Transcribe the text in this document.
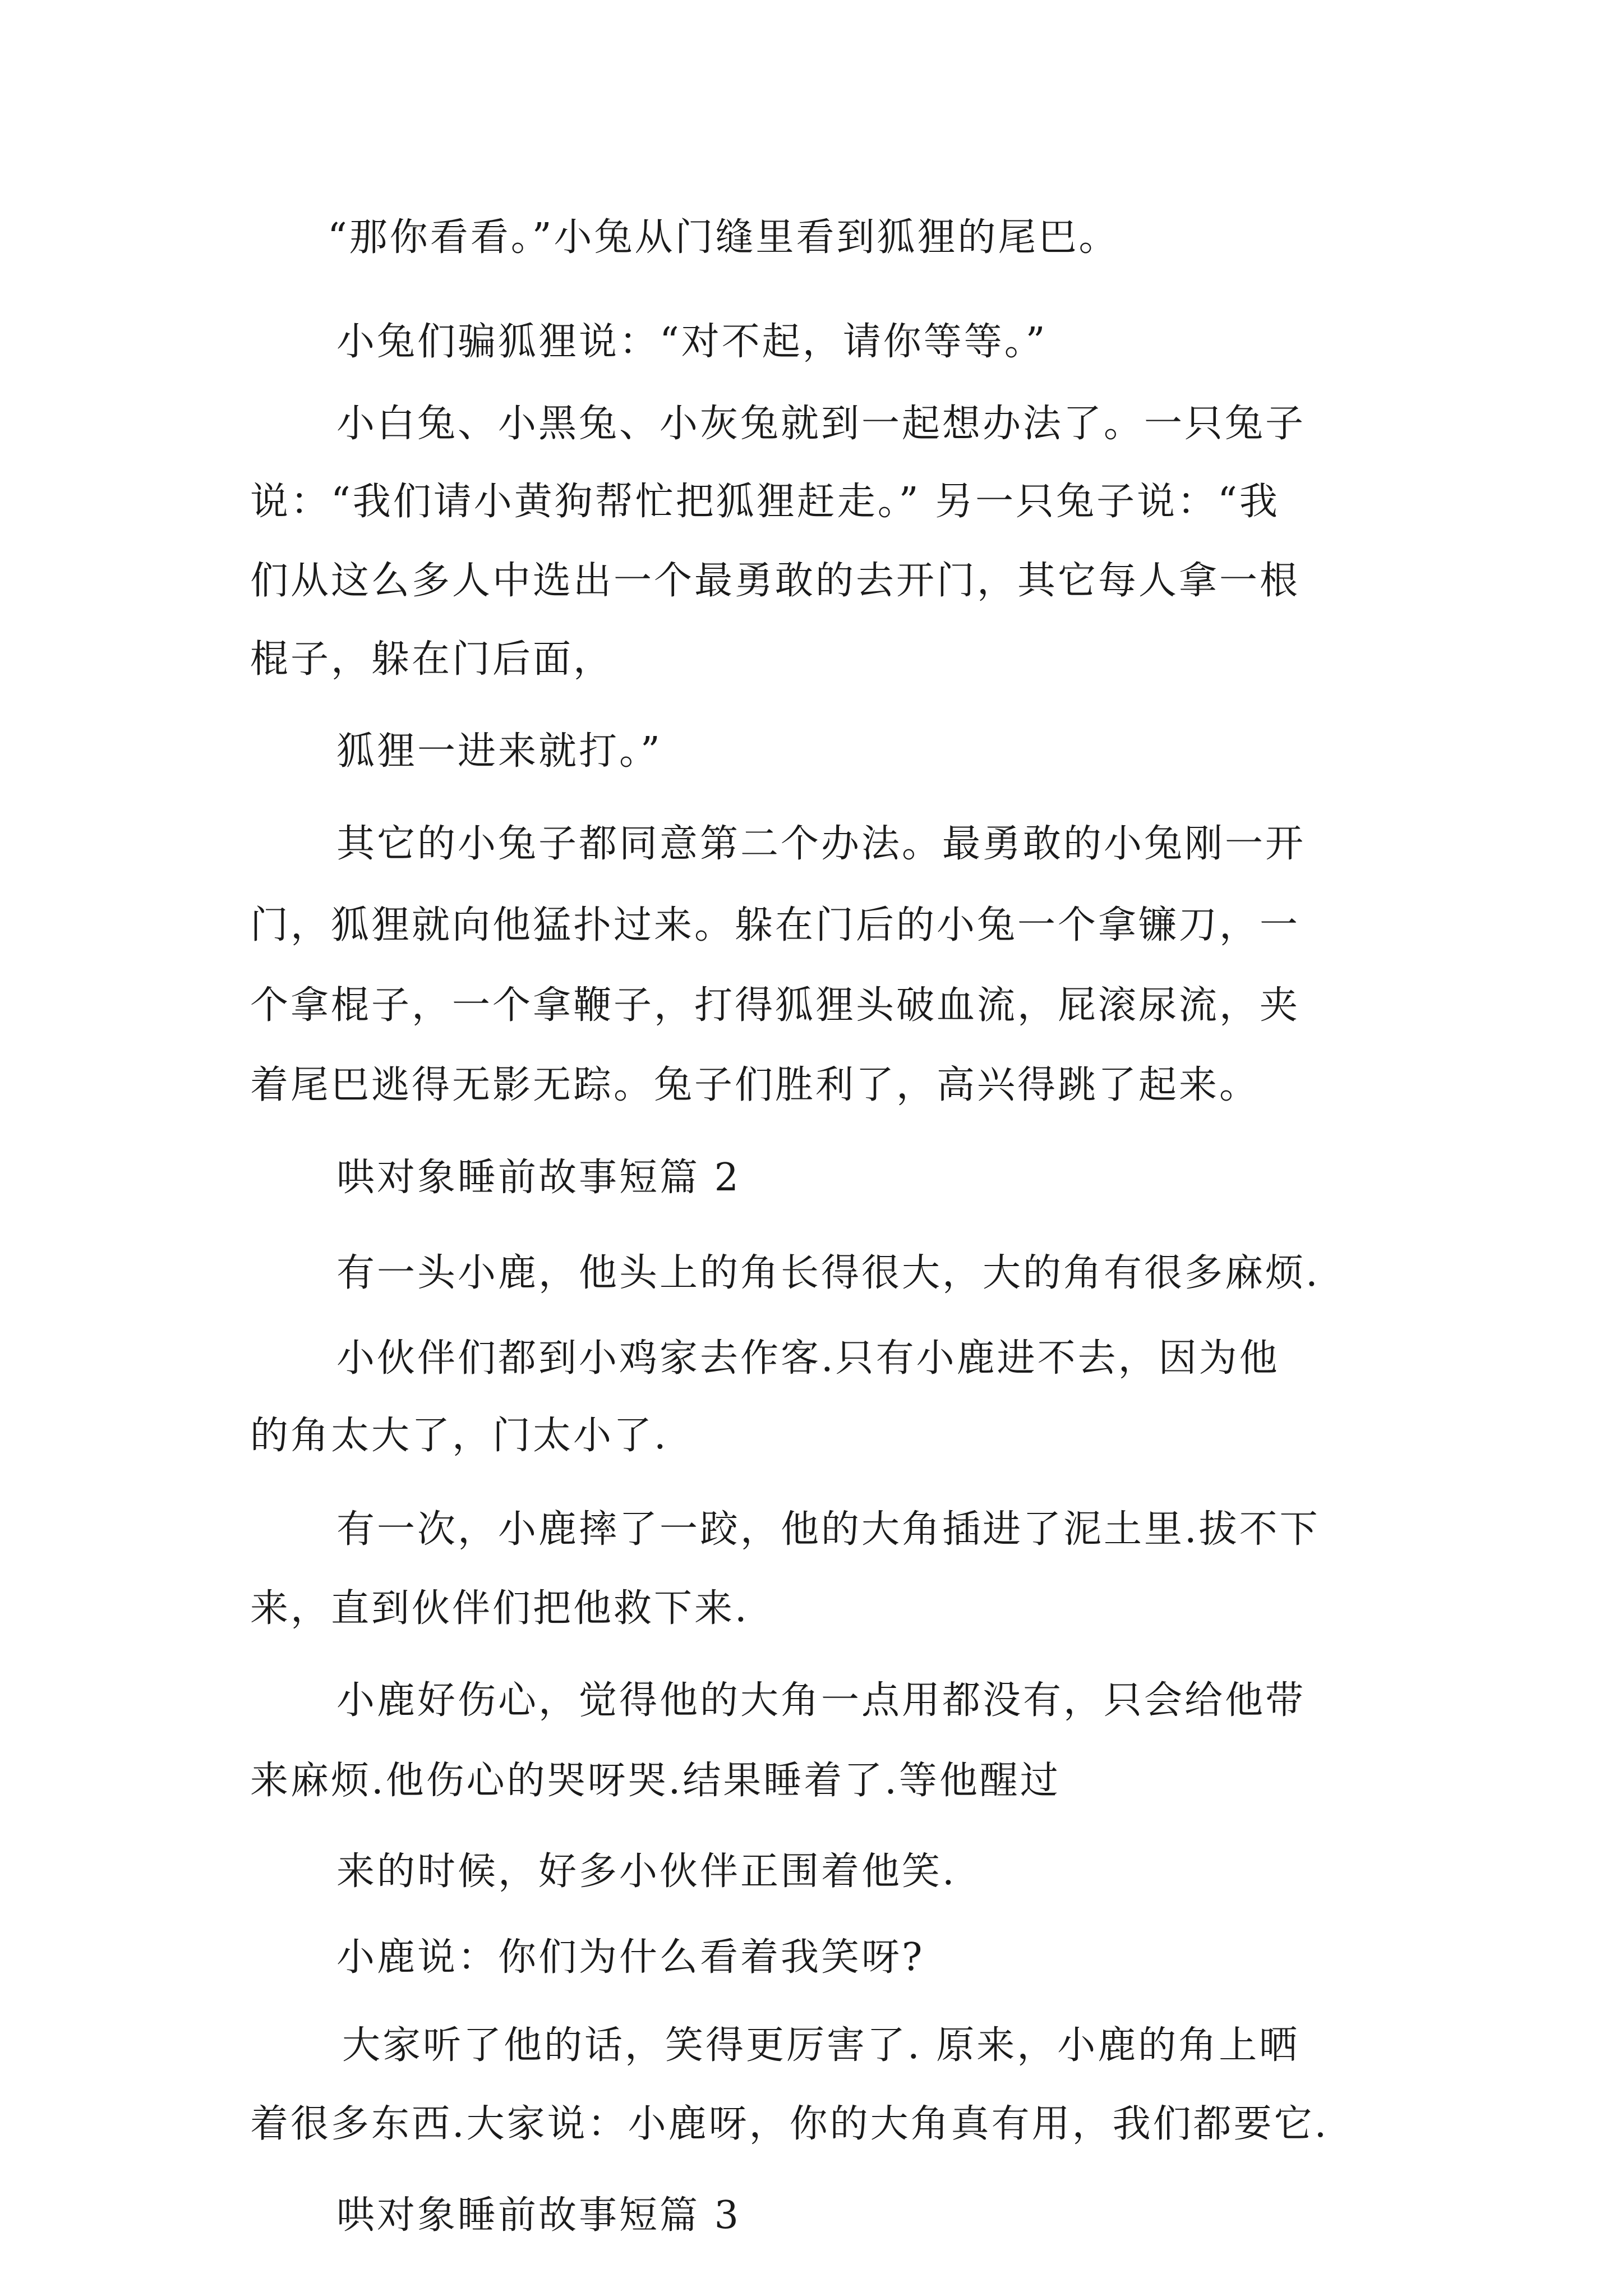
“那你看看。”小兔从门缝里看到狐狸的尾巴。
小兔们骗狐狸说：“对不起，请你等等。”
小白兔、小黑兔、小灰兔就到一起想办法了。一只兔子
说：“我们请小黄狗帮忙把狐狸赶走。” 另一只兔子说：“我
们从这么多人中选出一个最勇敢的去开门，其它每人拿一根
棍子，躲在门后面，
狐狸一进来就打。”
其它的小兔子都同意第二个办法。最勇敢的小兔刚一开
门，狐狸就向他猛扑过来。躲在门后的小兔一个拿镰刀，一
个拿棍子，一个拿鞭子，打得狐狸头破血流，屁滚尿流，夹
着尾巴逃得无影无踪。兔子们胜利了，高兴得跳了起来。
哄对象睡前故事短篇 2
有一头小鹿，他头上的角长得很大，大的角有很多麻烦.
小伙伴们都到小鸡家去作客.只有小鹿进不去，因为他
的角太大了，门太小了.
有一次，小鹿摔了一跤，他的大角插进了泥土里.拔不下
来，直到伙伴们把他救下来.
小鹿好伤心，觉得他的大角一点用都没有，只会给他带
来麻烦.他伤心的哭呀哭.结果睡着了.等他醒过
来的时候，好多小伙伴正围着他笑.
小鹿说：你们为什么看着我笑呀?
大家听了他的话，笑得更厉害了. 原来，小鹿的角上晒
着很多东西.大家说：小鹿呀，你的大角真有用，我们都要它.
哄对象睡前故事短篇 3
